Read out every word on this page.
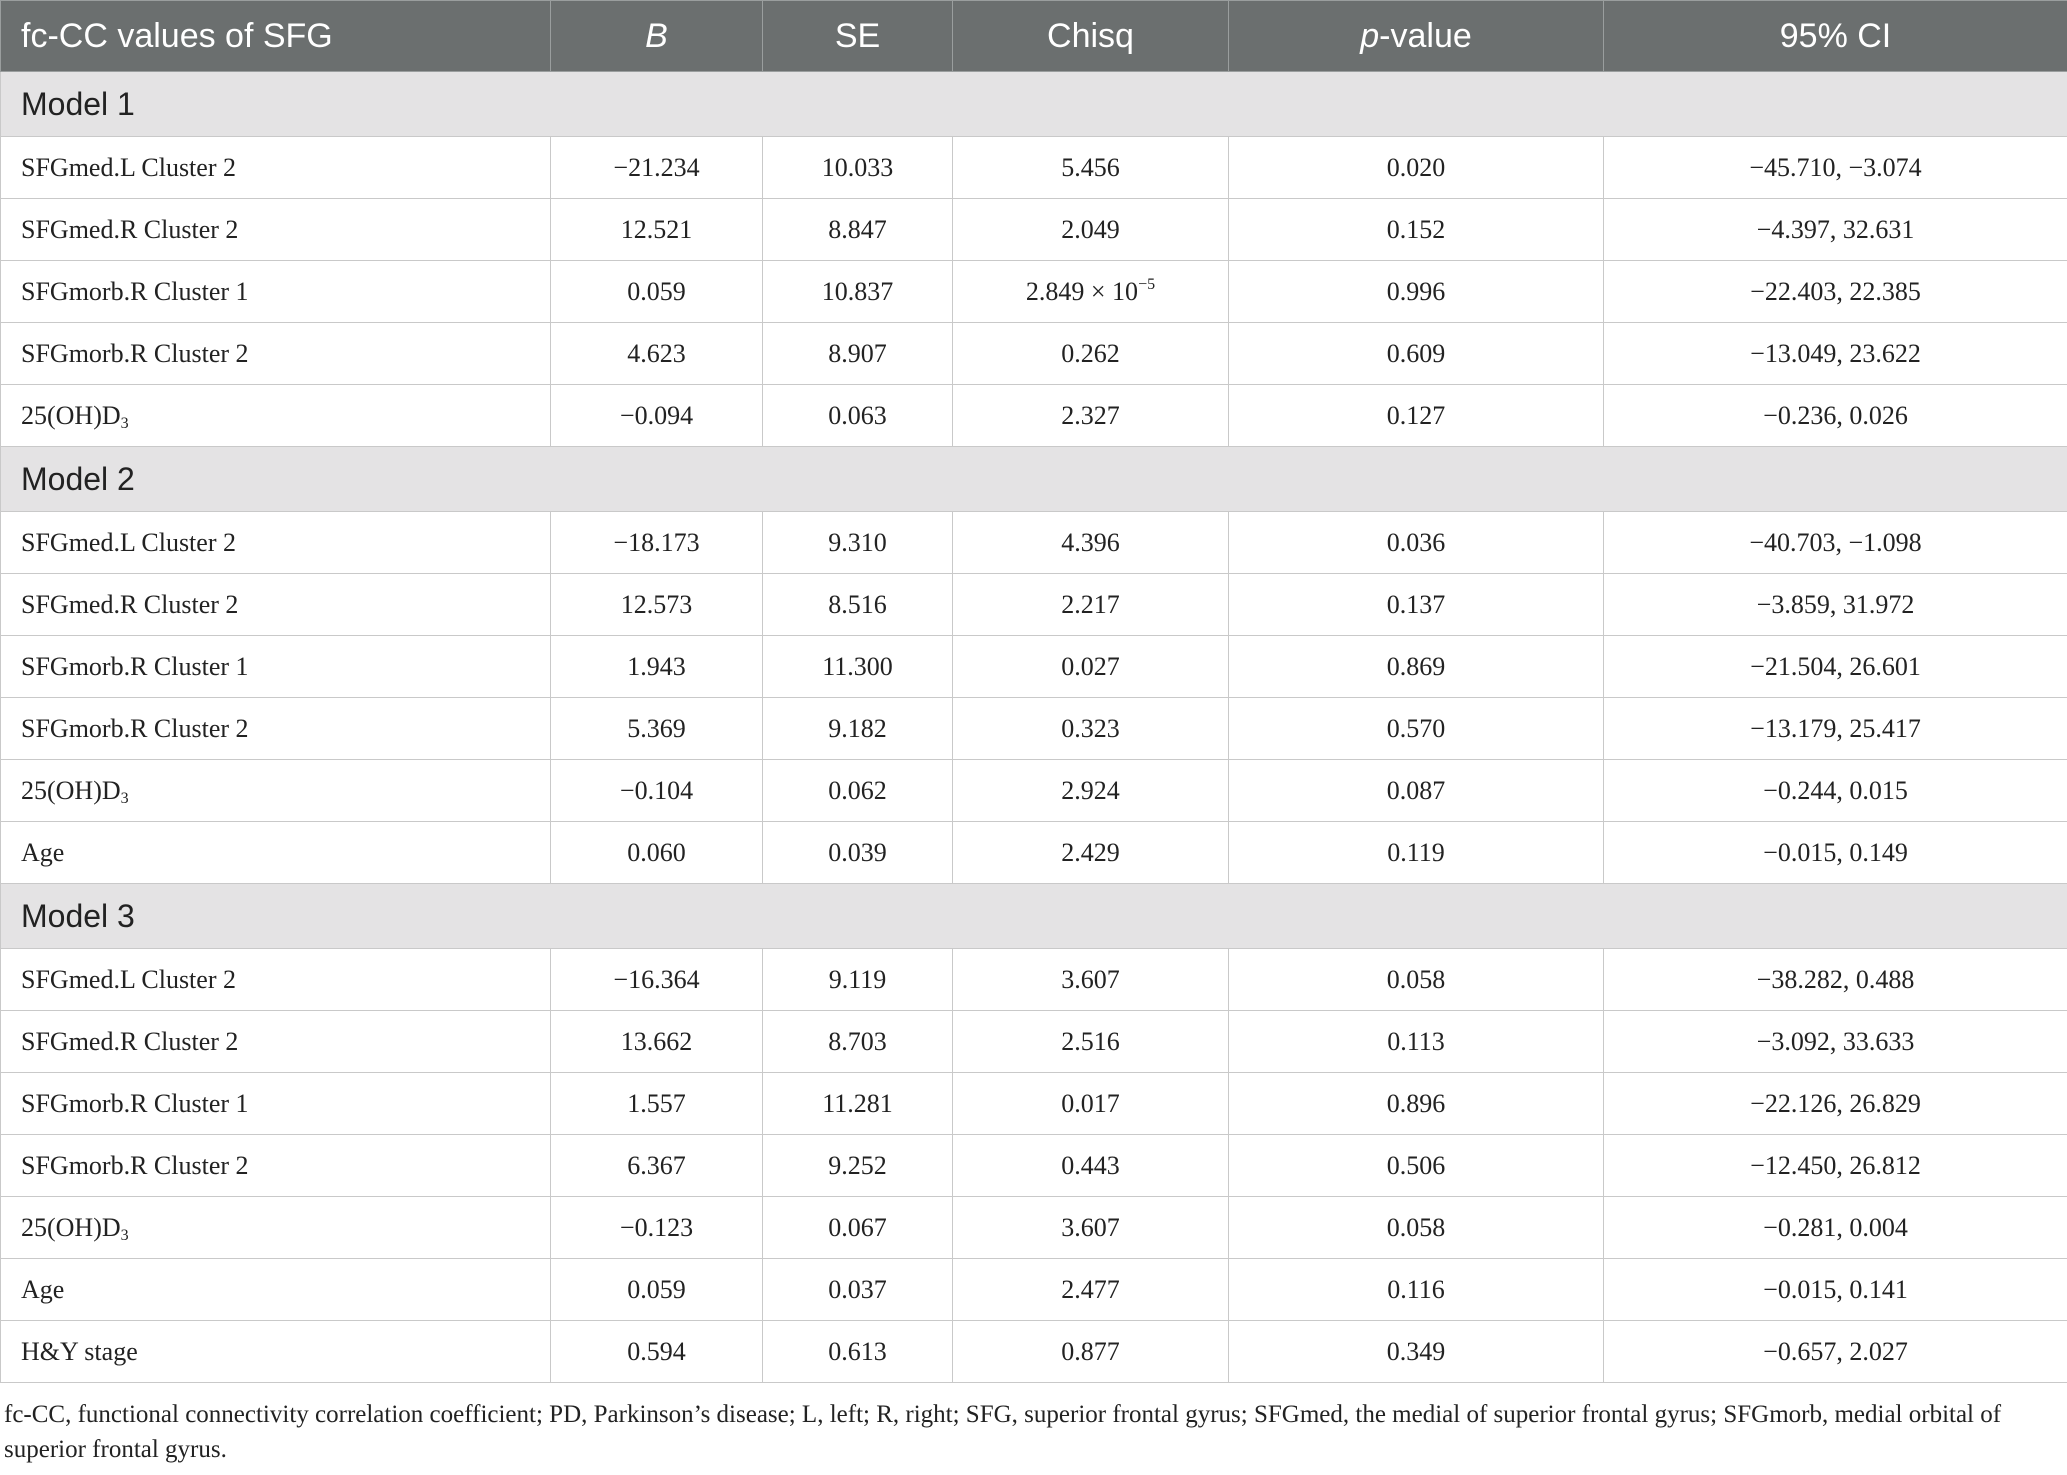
fc-CC values of SFG	B	SE	Chisq	p-value	95% CI
Model 1					
SFGmed.L Cluster 2	−21.234	10.033	5.456	0.020	−45.710, −3.074
SFGmed.R Cluster 2	12.521	8.847	2.049	0.152	−4.397, 32.631
SFGmorb.R Cluster 1	0.059	10.837	$2.849 \times 10^{-5}$	0.996	−22.403, 22.385
SFGmorb.R Cluster 2	4.623	8.907	0.262	0.609	−13.049, 23.622
$25(OH)D_3$	−0.094	0.063	2.327	0.127	−0.236, 0.026
Model 2					
SFGmed.L Cluster 2	−18.173	9.310	4.396	0.036	−40.703, −1.098
SFGmed.R Cluster 2	12.573	8.516	2.217	0.137	−3.859, 31.972
SFGmorb.R Cluster 1	1.943	11.300	0.027	0.869	−21.504, 26.601
SFGmorb.R Cluster 2	5.369	9.182	0.323	0.570	−13.179, 25.417
$25(OH)D_3$	−0.104	0.062	2.924	0.087	−0.244, 0.015
Age	0.060	0.039	2.429	0.119	−0.015, 0.149
Model 3					
SFGmed.L Cluster 2	−16.364	9.119	3.607	0.058	−38.282, 0.488
SFGmed.R Cluster 2	13.662	8.703	2.516	0.113	−3.092, 33.633
SFGmorb.R Cluster 1	1.557	11.281	0.017	0.896	−22.126, 26.829
SFGmorb.R Cluster 2	6.367	9.252	0.443	0.506	−12.450, 26.812
$25(OH)D_3$	−0.123	0.067	3.607	0.058	−0.281, 0.004
Age	0.059	0.037	2.477	0.116	−0.015, 0.141
H&Y stage	0.594	0.613	0.877	0.349	−0.657, 2.027
fc-CC, functional connectivity correlation coefficient; PD, Parkinson’s disease; L, left; R, right; SFG, superior frontal gyrus; SFGmed, the medial of superior frontal gyrus; SFGmorb, medial orbital of superior frontal gyrus.
